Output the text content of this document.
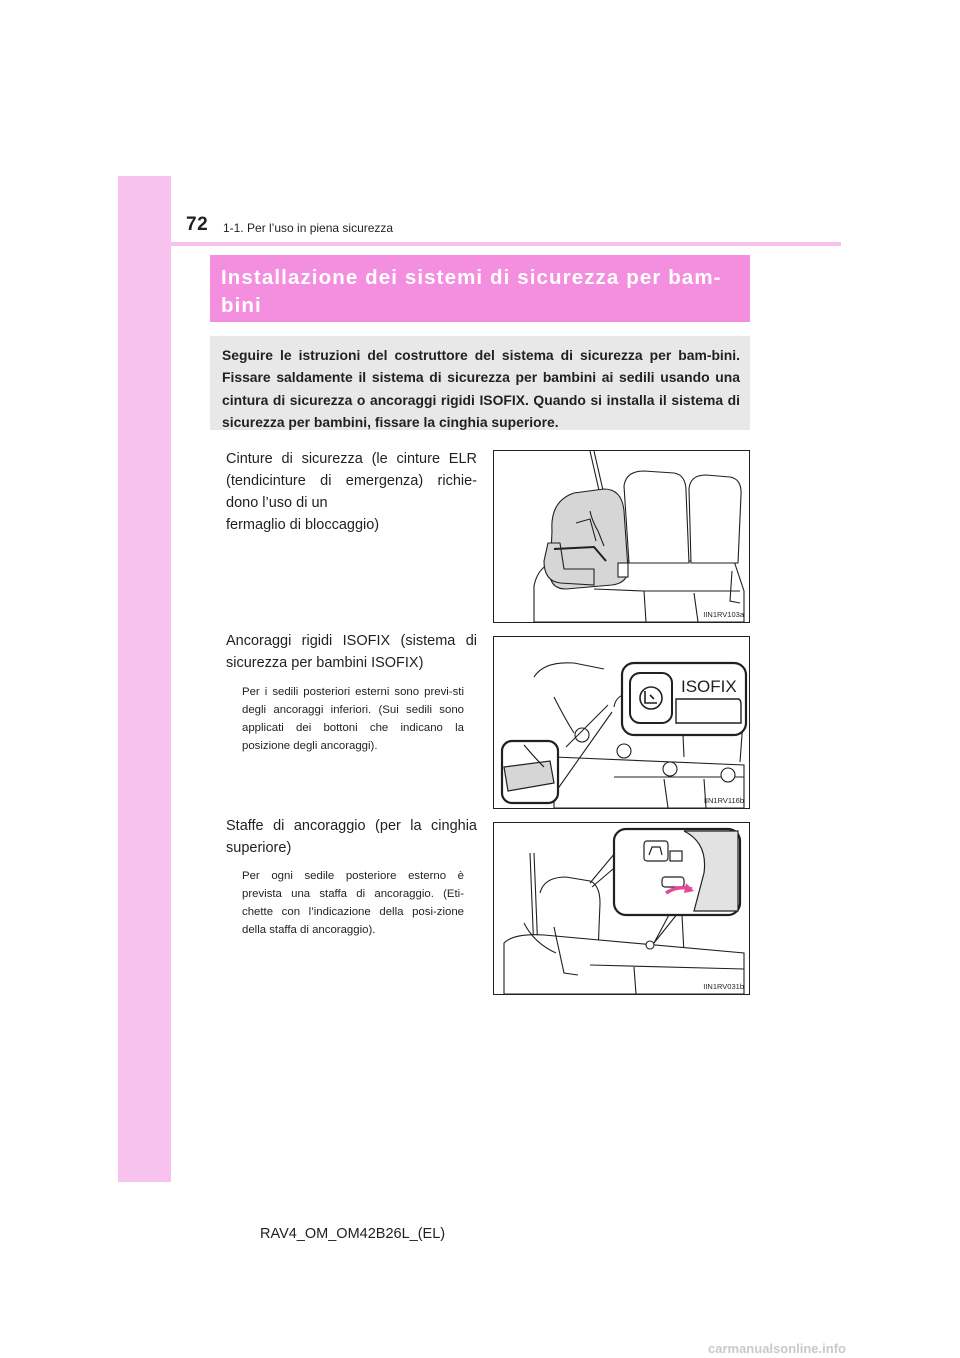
72 1-1. Per l’uso in piena sicurezza
Installazione dei sistemi di sicurezza per bam-bini

Seguire le istruzioni del costruttore del sistema di sicurezza per bam-bini. Fissare saldamente il sistema di sicurezza per bambini ai sedili usando una cintura di sicurezza o ancoraggi rigidi ISOFIX. Quando si installa il sistema di sicurezza per bambini, fissare la cinghia superiore.

Cinture di sicurezza (le cinture ELR (tendicinture di emergenza) richie-dono l’uso di un

fermaglio di bloccaggio)

IIN1RV103a

Ancoraggi rigidi ISOFIX (sistema di sicurezza per bambini ISOFIX)

Per i sedili posteriori esterni sono previ-sti degli ancoraggi inferiori. (Sui sedili sono applicati dei bottoni che indicano la posizione degli ancoraggi).

ISOFIX
IIN1RV116b

Staffe di ancoraggio (per la cinghia superiore)

Per ogni sedile posteriore esterno è prevista una staffa di ancoraggio. (Eti-chette con l’indicazione della posi-zione della staffa di ancoraggio).

IIN1RV031b
RAV4_OM_OM42B26L_(EL)
carmanualsonline.info
